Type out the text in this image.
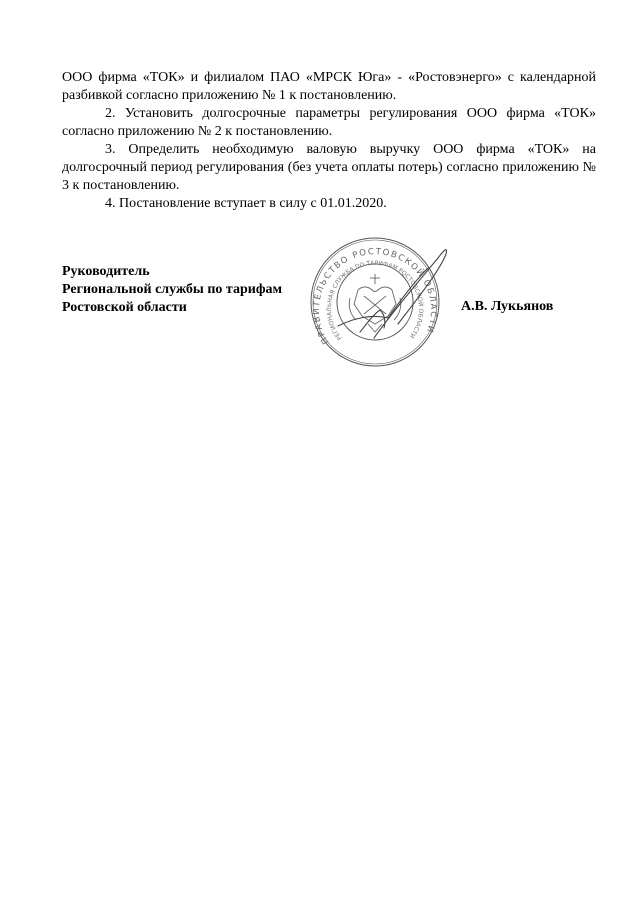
ООО фирма «ТОК» и филиалом ПАО «МРСК Юга» - «Ростовэнерго» с календарной разбивкой согласно приложению № 1 к постановлению.

2. Установить долгосрочные параметры регулирования ООО фирма «ТОК» согласно приложению № 2 к постановлению.

3. Определить необходимую валовую выручку ООО фирма «ТОК» на долгосрочный период регулирования (без учета оплаты потерь) согласно приложению № 3 к постановлению.

4. Постановление вступает в силу с 01.01.2020.

Руководитель
Региональной службы по тарифам
Ростовской области	А.В. Лукьянов
ПРАВИТЕЛЬСТВО РОСТОВСКОЙ ОБЛАСТИ
РЕГИОНАЛЬНАЯ СЛУЖБА ПО ТАРИФАМ РОСТОВСКОЙ ОБЛАСТИ
